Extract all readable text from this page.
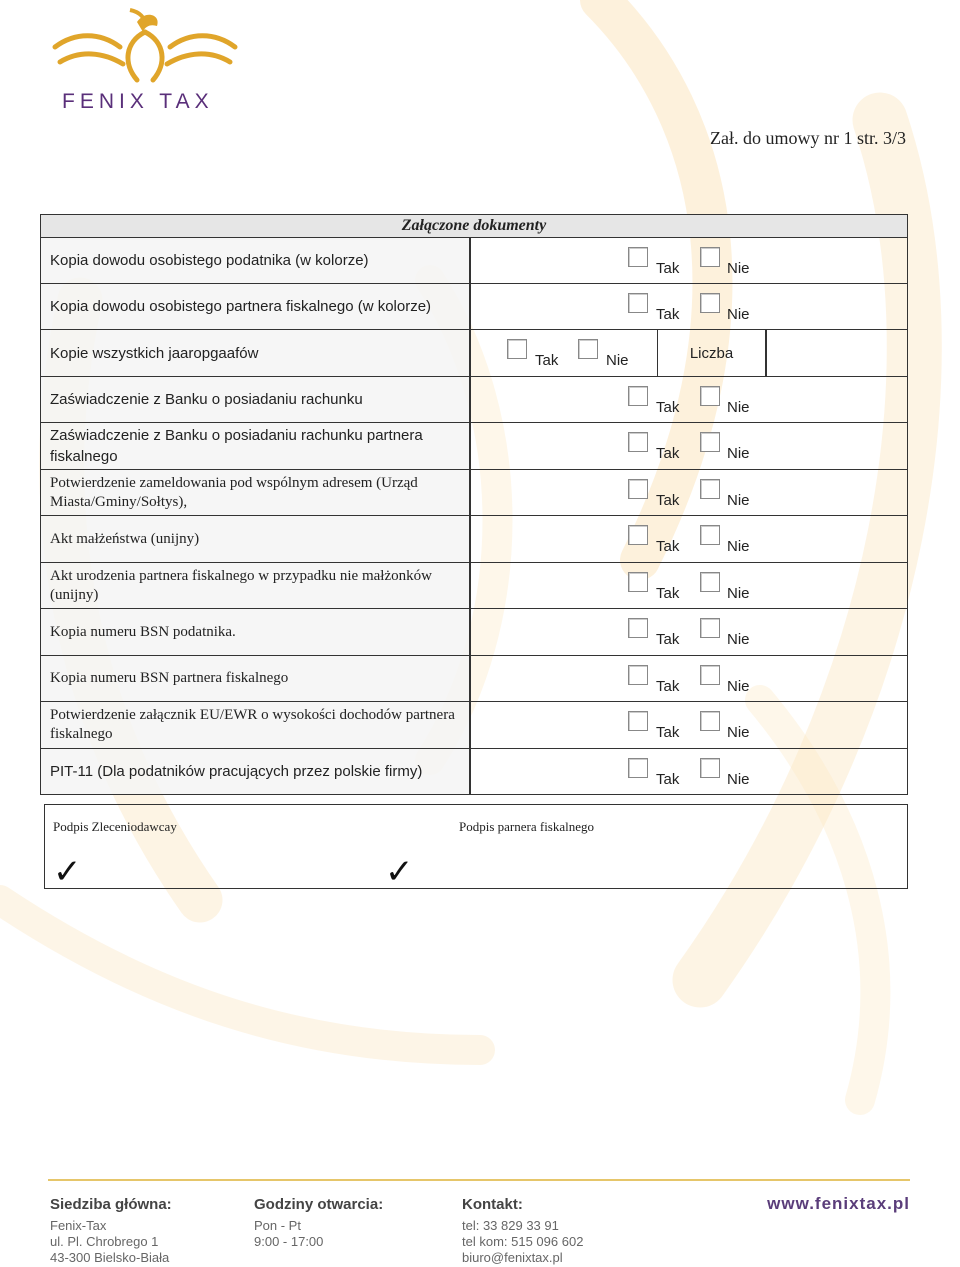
FENIX TAX
Zał. do umowy nr 1 str. 3/3
Załączone dokumenty
Kopia dowodu osobistego podatnika (w kolorze)	Tak	Nie
Kopia dowodu osobistego partnera fiskalnego (w kolorze)	Tak	Nie
Kopie wszystkich jaaropgaafów	Tak	Nie	Liczba
Zaświadczenie z Banku o posiadaniu rachunku	Tak	Nie
Zaświadczenie z Banku o posiadaniu rachunku partnera fiskalnego	Tak	Nie
Potwierdzenie zameldowania pod wspólnym adresem (Urząd Miasta/Gminy/Sołtys),	Tak	Nie
Akt małżeństwa (unijny)	Tak	Nie
Akt urodzenia partnera fiskalnego w przypadku nie małżonków (unijny)	Tak	Nie
Kopia numeru BSN podatnika.	Tak	Nie
Kopia numeru BSN partnera fiskalnego	Tak	Nie
Potwierdzenie załącznik EU/EWR o wysokości dochodów partnera fiskalnego	Tak	Nie
PIT-11 (Dla podatników pracujących przez polskie firmy)	Tak	Nie
Podpis Zleceniodawcay	Podpis parnera fiskalnego
✓	✓
Siedziba główna:
Fenix-Tax
ul. Pl. Chrobrego 1
43-300 Bielsko-Biała
Godziny otwarcia:
Pon - Pt
9:00 - 17:00
Kontakt:
tel: 33 829 33 91
tel kom: 515 096 602
biuro@fenixtax.pl
www.fenixtax.pl
